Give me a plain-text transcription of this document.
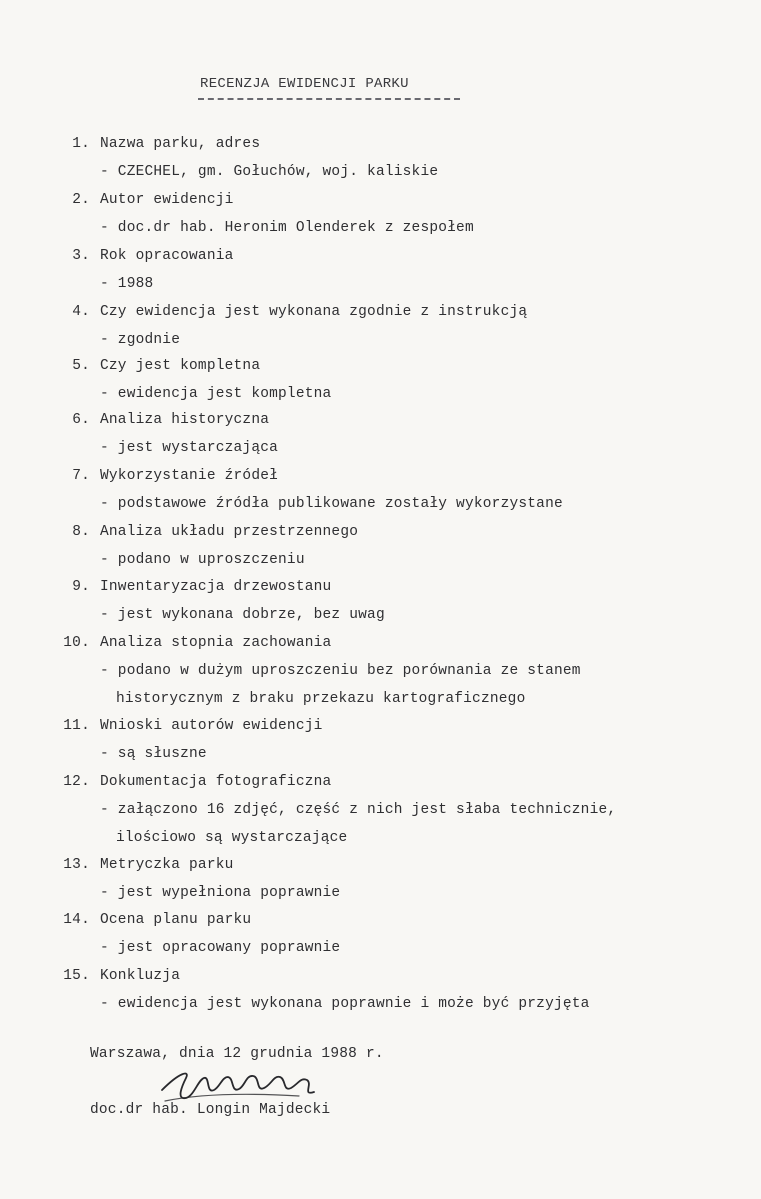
RECENZJA EWIDENCJI PARKU
1. Nazwa parku, adres
- CZECHEL, gm. Gołuchów, woj. kaliskie
2. Autor ewidencji
- doc.dr hab. Heronim Olenderek z zespołem
3. Rok opracowania
- 1988
4. Czy ewidencja jest wykonana zgodnie z instrukcją
- zgodnie
5. Czy jest kompletna
- ewidencja jest kompletna
6. Analiza historyczna
- jest wystarczająca
7. Wykorzystanie źródeł
- podstawowe źródła publikowane zostały wykorzystane
8. Analiza układu przestrzennego
- podano w uproszczeniu
9. Inwentaryzacja drzewostanu
- jest wykonana dobrze, bez uwag
10. Analiza stopnia zachowania
- podano w dużym uproszczeniu bez porównania ze stanem
historycznym z braku przekazu kartograficznego
11. Wnioski autorów ewidencji
- są słuszne
12. Dokumentacja fotograficzna
- załączono 16 zdjęć, część z nich jest słaba technicznie,
ilościowo są wystarczające
13. Metryczka parku
- jest wypełniona poprawnie
14. Ocena planu parku
- jest opracowany poprawnie
15. Konkluzja
- ewidencja jest wykonana poprawnie i może być przyjęta
Warszawa, dnia 12 grudnia 1988 r.
doc.dr hab. Longin Majdecki
